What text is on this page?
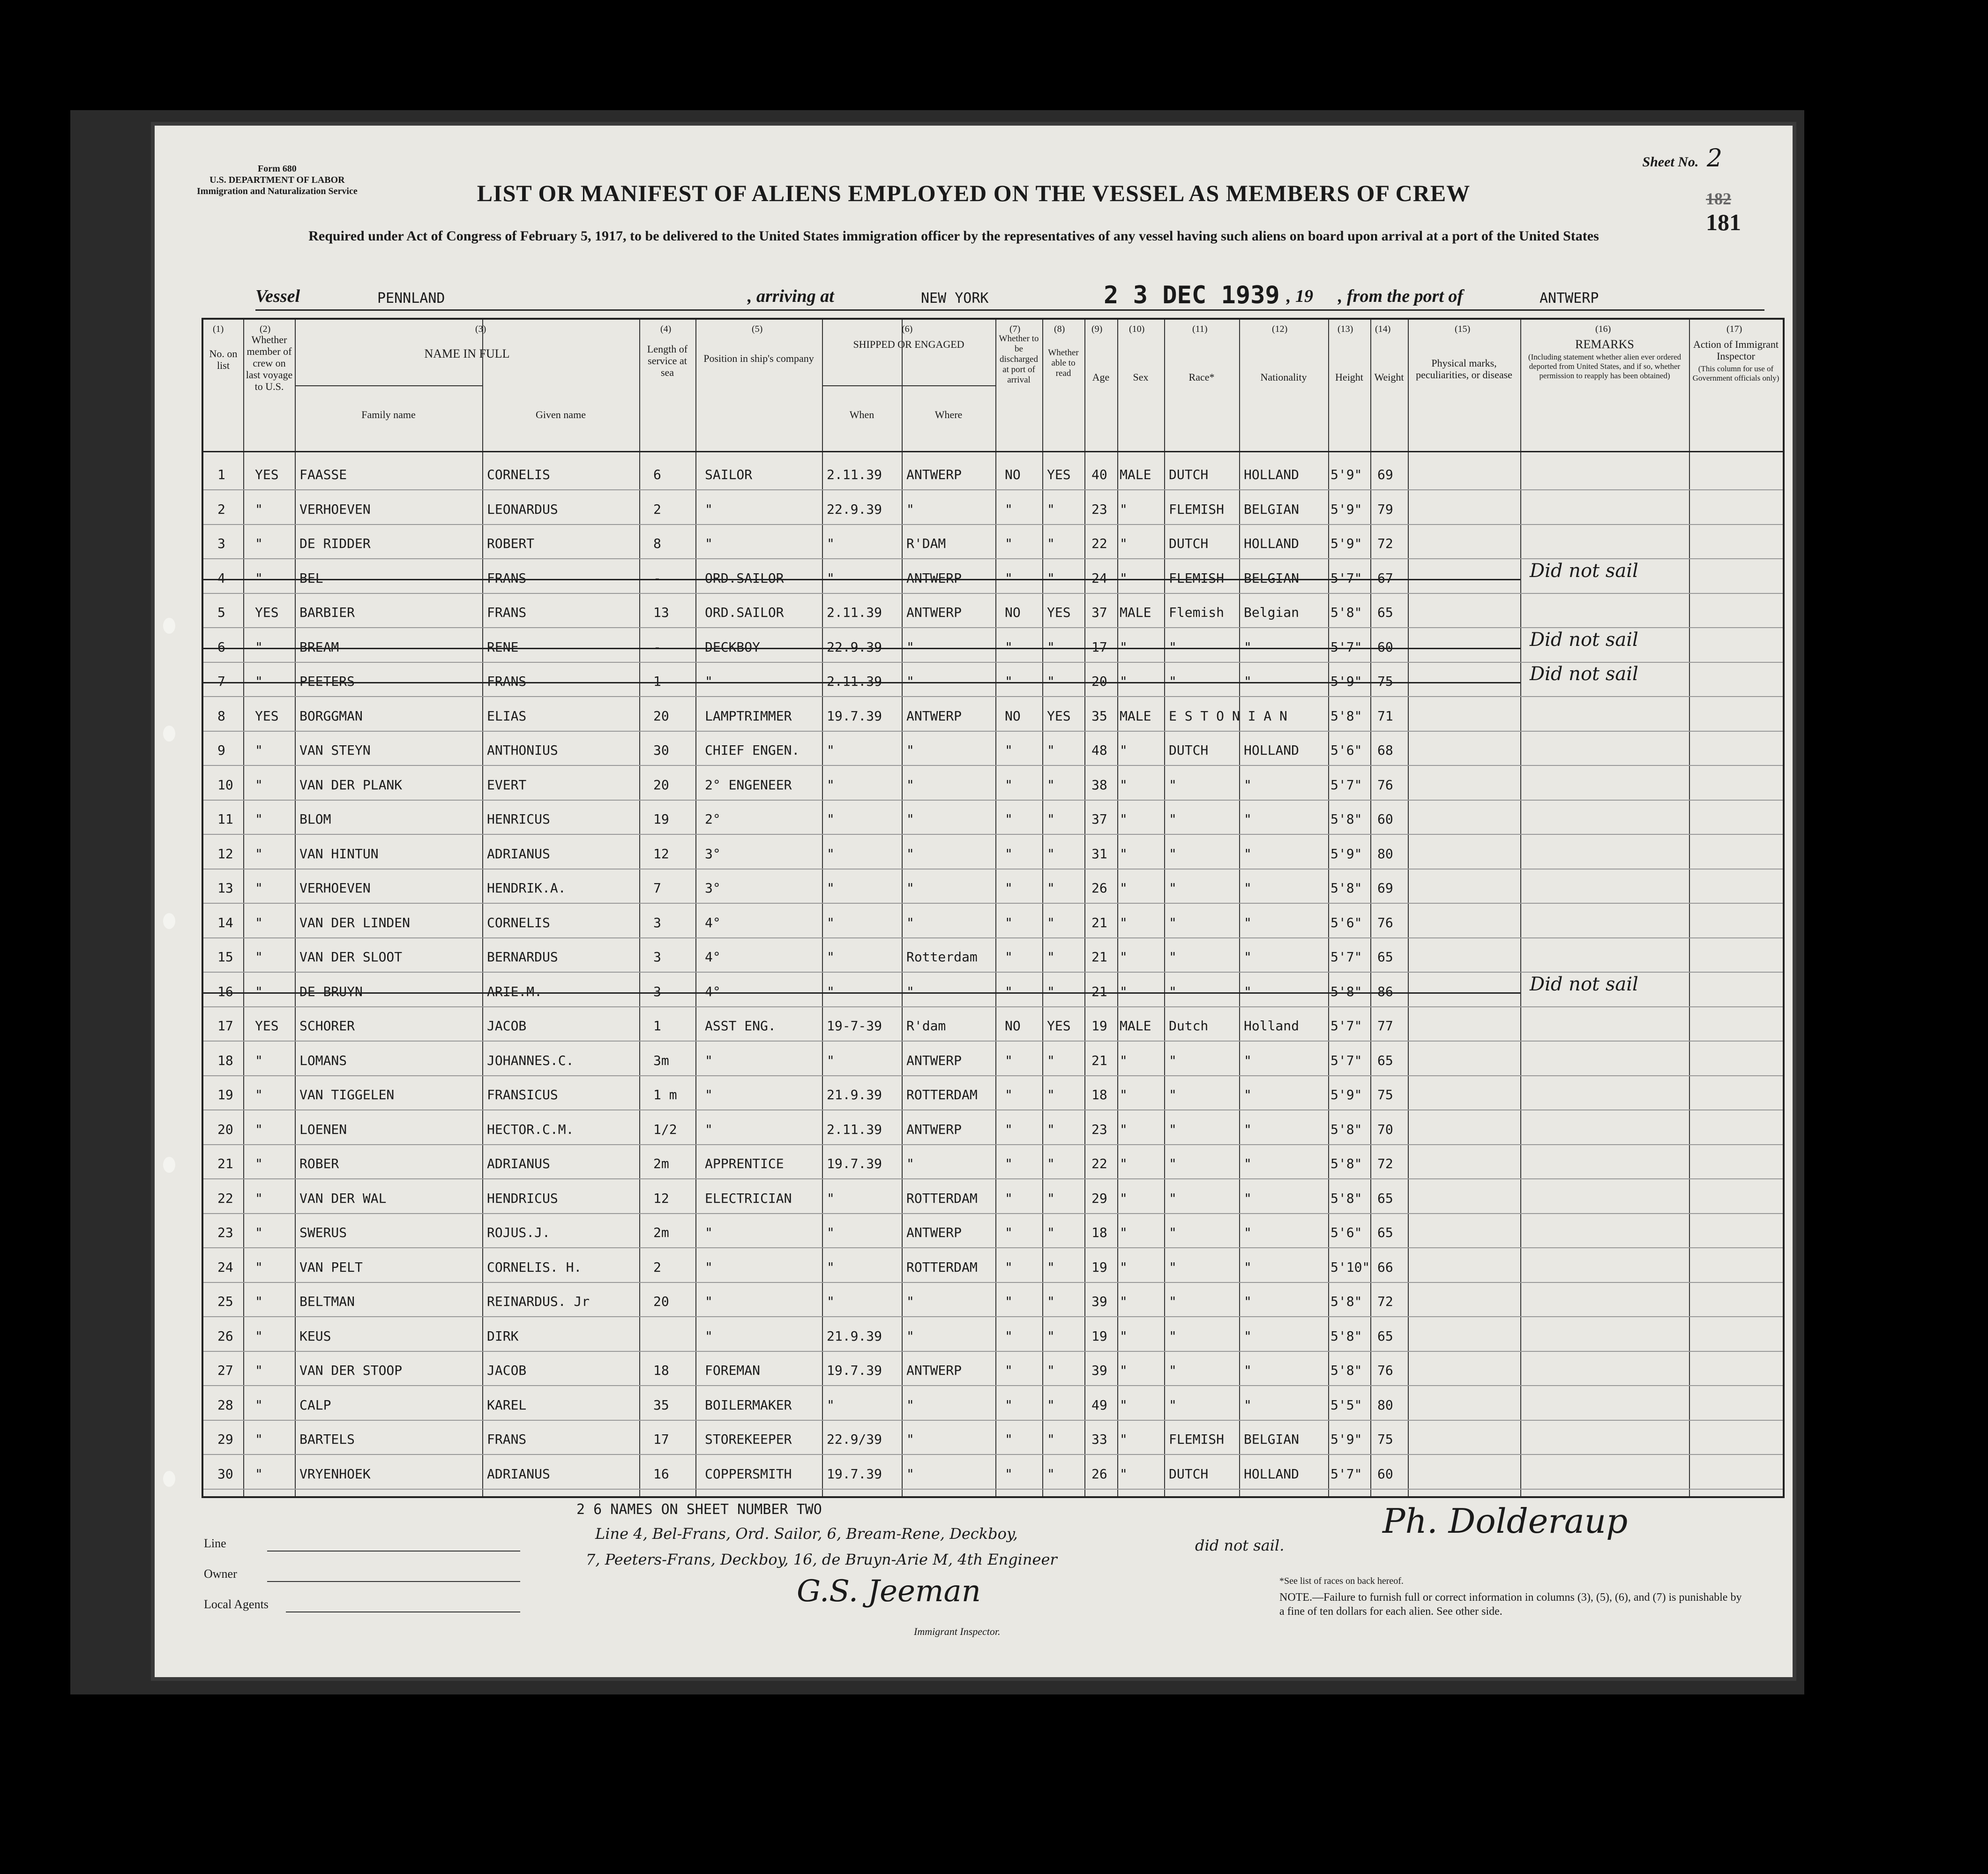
Form 680
U.S. DEPARTMENT OF LABOR
Immigration and Naturalization Service
Sheet No. 2
182
181
LIST OR MANIFEST OF ALIENS EMPLOYED ON THE VESSEL AS MEMBERS OF CREW
Required under Act of Congress of February 5, 1917, to be delivered to the United States immigration officer by the representatives of any vessel having such aliens on board upon arrival at a port of the United States
Vessel	PENNLAND	, arriving at	NEW YORK	2 3 DEC 1939 , 19 , from the port of	ANTWERP
(1)
No. on list
(2)
Whether member of crew on last voyage to U.S.
(3)
NAME IN FULL
Family name	Given name
(4)
Length of service at sea
(5)
Position in ship's company
(6)
SHIPPED OR ENGAGED
When	Where
(7)
Whether to be discharged at port of arrival
(8)
Whether able to read
(9)
Age
(10)
Sex
(11)
Race*
(12)
Nationality
(13)
Height
(14)
Weight
(15)
Physical marks, peculiarities, or disease
(16)
REMARKS
(Including statement whether alien ever ordered deported from United States, and if so, whether permission to reapply has been obtained)
(17)
Action of Immigrant Inspector
(This column for use of Government officials only)
1 YES FAASSE	CORNELIS	6	SAILOR	2.11.39 ANTWERP	NO YES 40 MALE DUTCH	HOLLAND 5'9" 69
2 "	VERHOEVEN	LEONARDUS	2	"	22.9.39 "	"	"	23 "	FLEMISH BELGIAN 5'9" 79
3 "	DE RIDDER	ROBERT	8	"	"	R'DAM	"	"	22 "	DUTCH	HOLLAND 5'9" 72
4 "	BEL	FRANS	-	ORD.SAILOR	"	ANTWERP	"	"	24 "	FLEMISH BELGIAN 5'7" 67	Did not sail
5 YES BARBIER	FRANS	13	ORD.SAILOR	2.11.39 ANTWERP	NO YES 37 MALE Flemish Belgian 5'8" 65
6 "	BREAM	RENE	-	DECKBOY	22.9.39 "	"	"	17 "	"	"	5'7" 60	Did not sail
7 "	PEETERS	FRANS	1	"	2.11.39 "	"	"	20 "	"	"	5'9" 75	Did not sail
8 YES BORGGMAN	ELIAS	20	LAMPTRIMMER	19.7.39 ANTWERP	NO YES 35 MALE E S T O N I A N	5'8" 71
9 "	VAN STEYN	ANTHONIUS	30	CHIEF ENGEN. "	"	"	"	48 "	DUTCH	HOLLAND 5'6" 68
10 "	VAN DER PLANK	EVERT	20	2° ENGENEER	"	"	"	"	38 "	"	"	5'7" 76
11 "	BLOM	HENRICUS	19	2°	"	"	"	"	37 "	"	"	5'8" 60
12 "	VAN HINTUN	ADRIANUS	12	3°	"	"	"	"	31 "	"	"	5'9" 80
13 "	VERHOEVEN	HENDRIK.A.	7	3°	"	"	"	"	26 "	"	"	5'8" 69
14 "	VAN DER LINDEN	CORNELIS	3	4°	"	"	"	"	21 "	"	"	5'6" 76
15 "	VAN DER SLOOT	BERNARDUS	3	4°	"	Rotterdam "	"	21 "	"	"	5'7" 65
16 "	DE BRUYN	ARIE.M.	3	4°	"	"	"	"	21 "	"	"	5'8" 86	Did not sail
17 YES SCHORER	JACOB	1	ASST ENG.	19-7-39 R'dam	NO YES 19 MALE Dutch	Holland 5'7" 77
18 "	LOMANS	JOHANNES.C.	3m	"	"	ANTWERP	"	"	21 "	"	"	5'7" 65
19 "	VAN TIGGELEN	FRANSICUS	1 m "	21.9.39 ROTTERDAM "	"	18 "	"	"	5'9" 75
20 "	LOENEN	HECTOR.C.M.	1/2 "	2.11.39 ANTWERP	"	"	23 "	"	"	5'8" 70
21 "	ROBER	ADRIANUS	2m	APPRENTICE	19.7.39 "	"	"	22 "	"	"	5'8" 72
22 "	VAN DER WAL	HENDRICUS	12	ELECTRICIAN	"	ROTTERDAM "	"	29 "	"	"	5'8" 65
23 "	SWERUS	ROJUS.J.	2m	"	"	ANTWERP	"	"	18 "	"	"	5'6" 65
24 "	VAN PELT	CORNELIS. H.	2	"	"	ROTTERDAM "	"	19 "	"	"	5'10" 66
25 "	BELTMAN	REINARDUS. Jr	20	"	"	"	"	"	39 "	"	"	5'8" 72
26 "	KEUS	DIRK	"	21.9.39 "	"	"	19 "	"	"	5'8" 65
27 "	VAN DER STOOP	JACOB	18	FOREMAN	19.7.39 ANTWERP	"	"	39 "	"	"	5'8" 76
28 "	CALP	KAREL	35	BOILERMAKER	"	"	"	"	49 "	"	"	5'5" 80
29 "	BARTELS	FRANS	17	STOREKEEPER	22.9/39 "	"	"	33 "	FLEMISH BELGIAN 5'9" 75
30 "	VRYENHOEK	ADRIANUS	16	COPPERSMITH	19.7.39 "	"	"	26 "	DUTCH	HOLLAND 5'7" 60
2 6 NAMES ON SHEET NUMBER TWO
Line 4, Bel-Frans, Ord. Sailor, 6, Bream-Rene, Deckboy,
7, Peeters-Frans, Deckboy, 16, de Bruyn-Arie M, 4th Engineer
did not sail.
Line
Owner
Local Agents	G.S. Jeeman
Immigrant Inspector.
Ph. Dolderaup
*See list of races on back hereof.
NOTE.—Failure to furnish full or correct information in columns (3), (5), (6), and (7) is punishable by a fine of ten dollars for each alien. See other side.
